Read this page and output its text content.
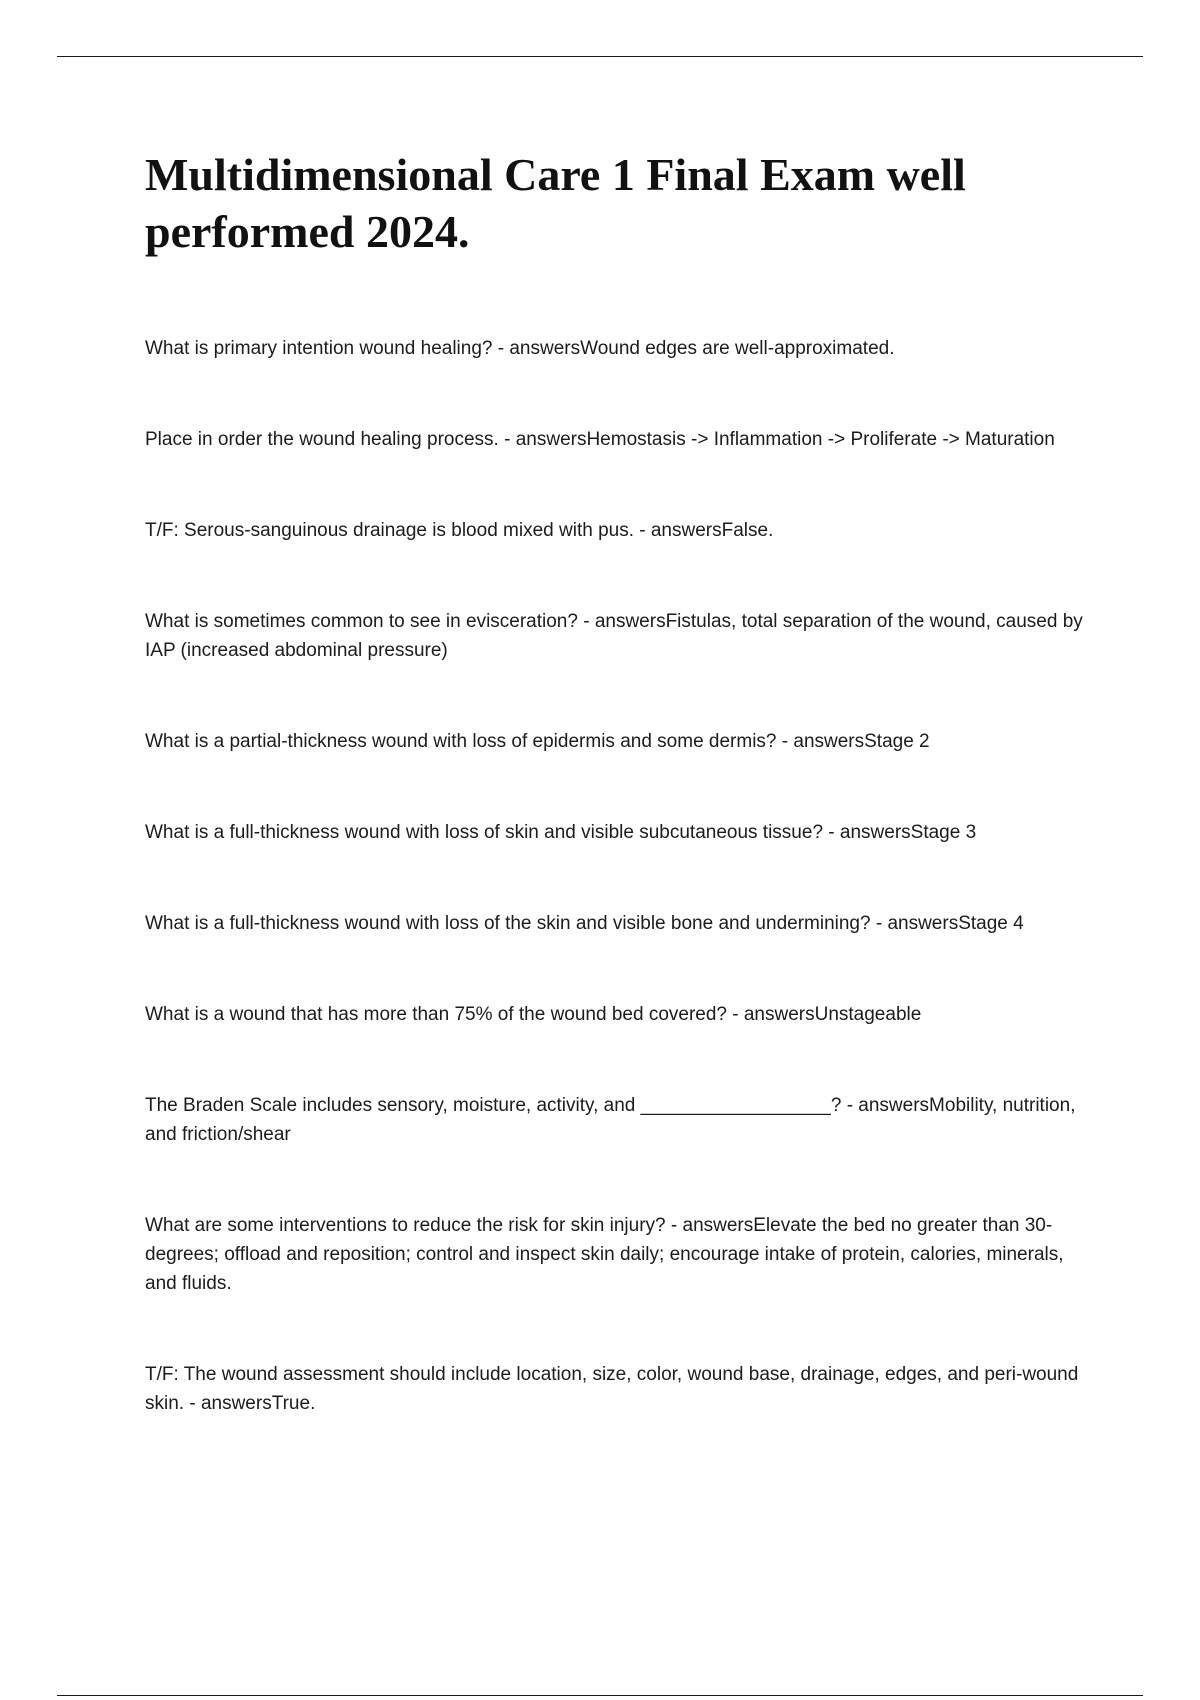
Multidimensional Care 1 Final Exam well performed 2024.
What is primary intention wound healing? - answersWound edges are well-approximated.
Place in order the wound healing process. - answersHemostasis -> Inflammation -> Proliferate -> Maturation
T/F: Serous-sanguinous drainage is blood mixed with pus. - answersFalse.
What is sometimes common to see in evisceration? - answersFistulas, total separation of the wound, caused by IAP (increased abdominal pressure)
What is a partial-thickness wound with loss of epidermis and some dermis? - answersStage 2
What is a full-thickness wound with loss of skin and visible subcutaneous tissue? - answersStage 3
What is a full-thickness wound with loss of the skin and visible bone and undermining? - answersStage 4
What is a wound that has more than 75% of the wound bed covered? - answersUnstageable
The Braden Scale includes sensory, moisture, activity, and __________________? - answersMobility, nutrition, and friction/shear
What are some interventions to reduce the risk for skin injury? - answersElevate the bed no greater than 30-degrees; offload and reposition; control and inspect skin daily; encourage intake of protein, calories, minerals, and fluids.
T/F: The wound assessment should include location, size, color, wound base, drainage, edges, and peri-wound skin. - answersTrue.
